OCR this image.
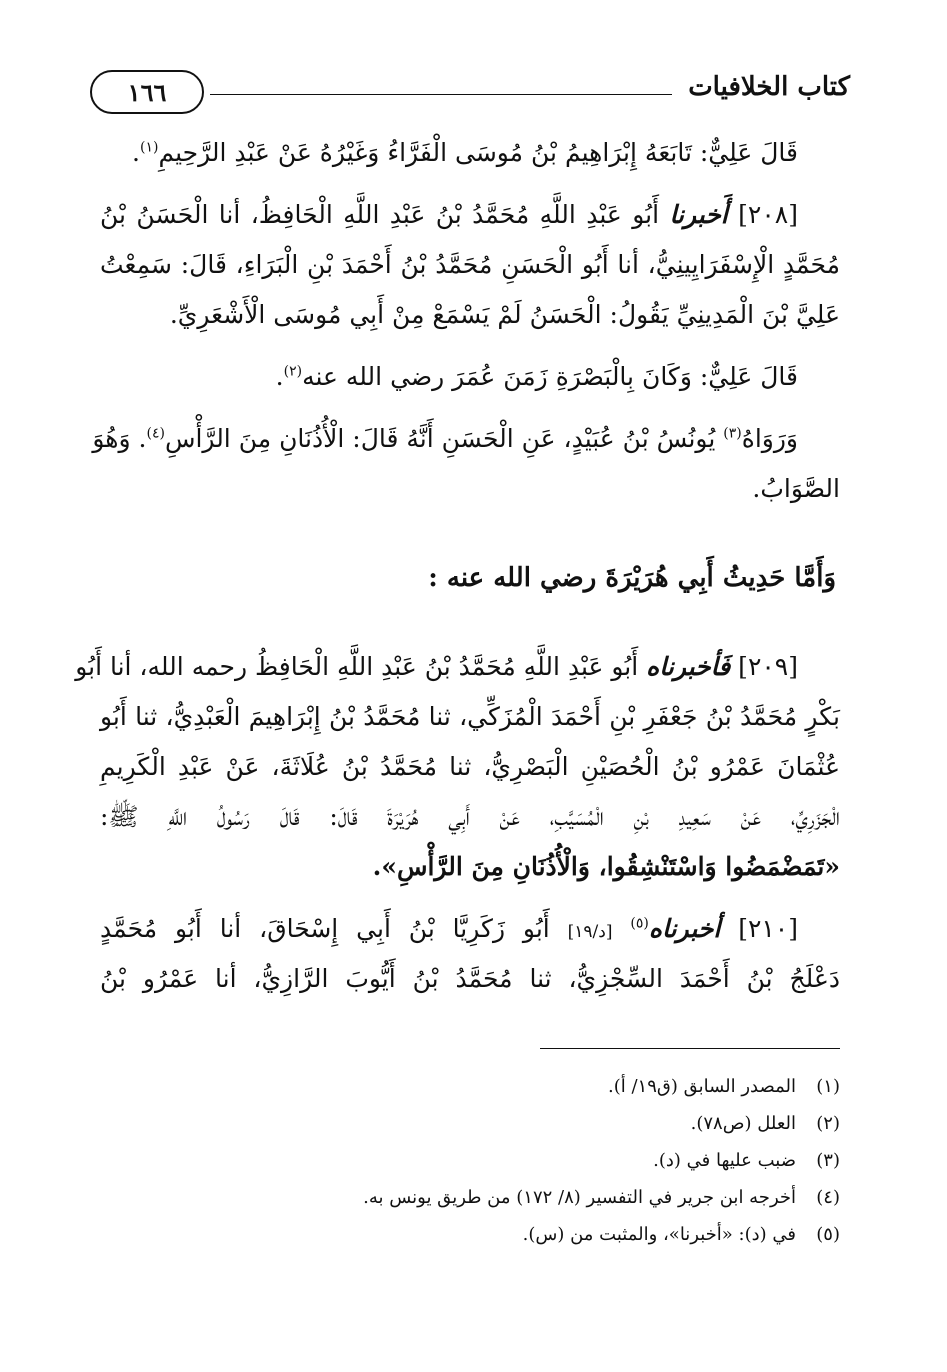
كتاب الخلافيات
١٦٦

قَالَ عَلِيٌّ: تَابَعَهُ إِبْرَاهِيمُ بْنُ مُوسَى الْفَرَّاءُ وَغَيْرُهُ عَنْ عَبْدِ الرَّحِيمِ$^{(١)}$.

[٢٠٨] أَخبرنا أَبُو عَبْدِ اللَّهِ مُحَمَّدُ بْنُ عَبْدِ اللَّهِ الْحَافِظُ، أنا الْحَسَنُ بْنُ

مُحَمَّدٍ الْإِسْفَرَايِينِيُّ، أنا أَبُو الْحَسَنِ مُحَمَّدُ بْنُ أَحْمَدَ بْنِ الْبَرَاءِ، قَالَ: سَمِعْتُ

عَلِيَّ بْنَ الْمَدِينِيِّ يَقُولُ: الْحَسَنُ لَمْ يَسْمَعْ مِنْ أَبِي مُوسَى الْأَشْعَرِيِّ.

قَالَ عَلِيٌّ: وَكَانَ بِالْبَصْرَةِ زَمَنَ عُمَرَ رضي الله عنه$^{(٢)}$.

وَرَوَاهُ$^{(٣)}$ يُونُسُ بْنُ عُبَيْدٍ، عَنِ الْحَسَنِ أَنَّهُ قَالَ: الْأُذُنَانِ مِنَ الرَّأْسِ$^{(٤)}$. وَهُوَ

الصَّوَابُ.

وَأَمَّا حَدِيثُ أَبِي هُرَيْرَةَ رضي الله عنه :

[٢٠٩] فَأخبرناه أَبُو عَبْدِ اللَّهِ مُحَمَّدُ بْنُ عَبْدِ اللَّهِ الْحَافِظُ رحمه الله، أنا أَبُو

بَكْرٍ مُحَمَّدُ بْنُ جَعْفَرِ بْنِ أَحْمَدَ الْمُزَكِّي، ثنا مُحَمَّدُ بْنُ إِبْرَاهِيمَ الْعَبْدِيُّ، ثنا أَبُو

عُثْمَانَ عَمْرُو بْنُ الْحُصَيْنِ الْبَصْرِيُّ، ثنا مُحَمَّدُ بْنُ عُلَاثَةَ، عَنْ عَبْدِ الْكَرِيمِ

الْجَزَرِيِّ، عَنْ سَعِيدِ بْنِ الْمُسَيَّبِ، عَنْ أَبِي هُرَيْرَةَ قَالَ: قَالَ رَسُولُ اللَّهِ ﷺ:

«تَمَضْمَضُوا وَاسْتَنْشِقُوا، وَالْأُذُنَانِ مِنَ الرَّأْسِ».

[٢١٠] أخبرناه$^{(٥)}$ [د/١٩] أَبُو زَكَرِيَّا بْنُ أَبِي إِسْحَاقَ، أنا أَبُو مُحَمَّدٍ

دَعْلَجُ بْنُ أَحْمَدَ السِّجْزِيُّ، ثنا مُحَمَّدُ بْنُ أَيُّوبَ الرَّازِيُّ، أنا عَمْرُو بْنُ

(١)المصدر السابق (ق١٩/ أ).
(٢)العلل (ص٧٨).
(٣)ضبب عليها في (د).
(٤)أخرجه ابن جرير في التفسير (٨/ ١٧٢) من طريق يونس به.
(٥)في (د): «أخبرنا»، والمثبت من (س).
